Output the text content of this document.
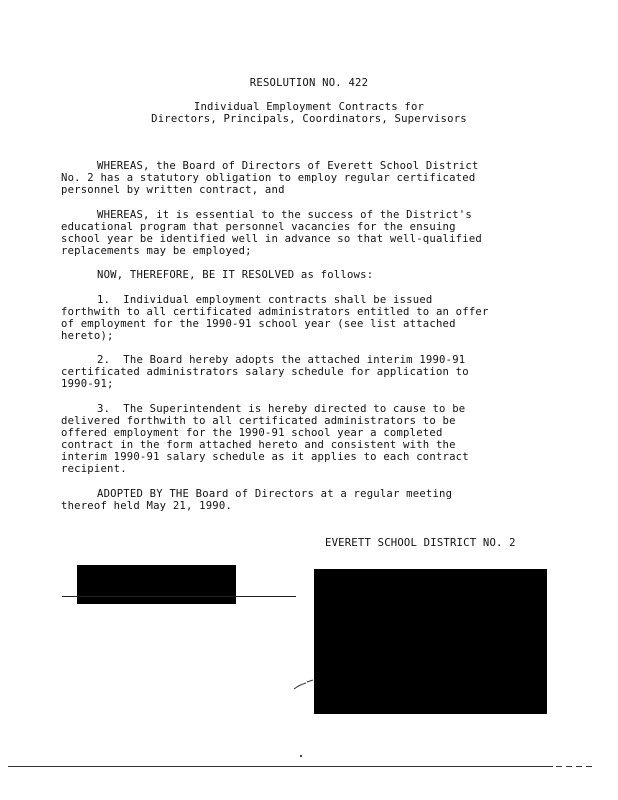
RESOLUTION NO. 422
Individual Employment Contracts for
Directors, Principals, Coordinators, Supervisors
WHEREAS, the Board of Directors of Everett School District
No. 2 has a statutory obligation to employ regular certificated
personnel by written contract, and
WHEREAS, it is essential to the success of the District's
educational program that personnel vacancies for the ensuing
school year be identified well in advance so that well-qualified
replacements may be employed;
NOW, THEREFORE, BE IT RESOLVED as follows:
1.  Individual employment contracts shall be issued
forthwith to all certificated administrators entitled to an offer
of employment for the 1990-91 school year (see list attached
hereto);
2.  The Board hereby adopts the attached interim 1990-91
certificated administrators salary schedule for application to
1990-91;
3.  The Superintendent is hereby directed to cause to be
delivered forthwith to all certificated administrators to be
offered employment for the 1990-91 school year a completed
contract in the form attached hereto and consistent with the
interim 1990-91 salary schedule as it applies to each contract
recipient.
ADOPTED BY THE Board of Directors at a regular meeting
thereof held May 21, 1990.
EVERETT SCHOOL DISTRICT NO. 2
